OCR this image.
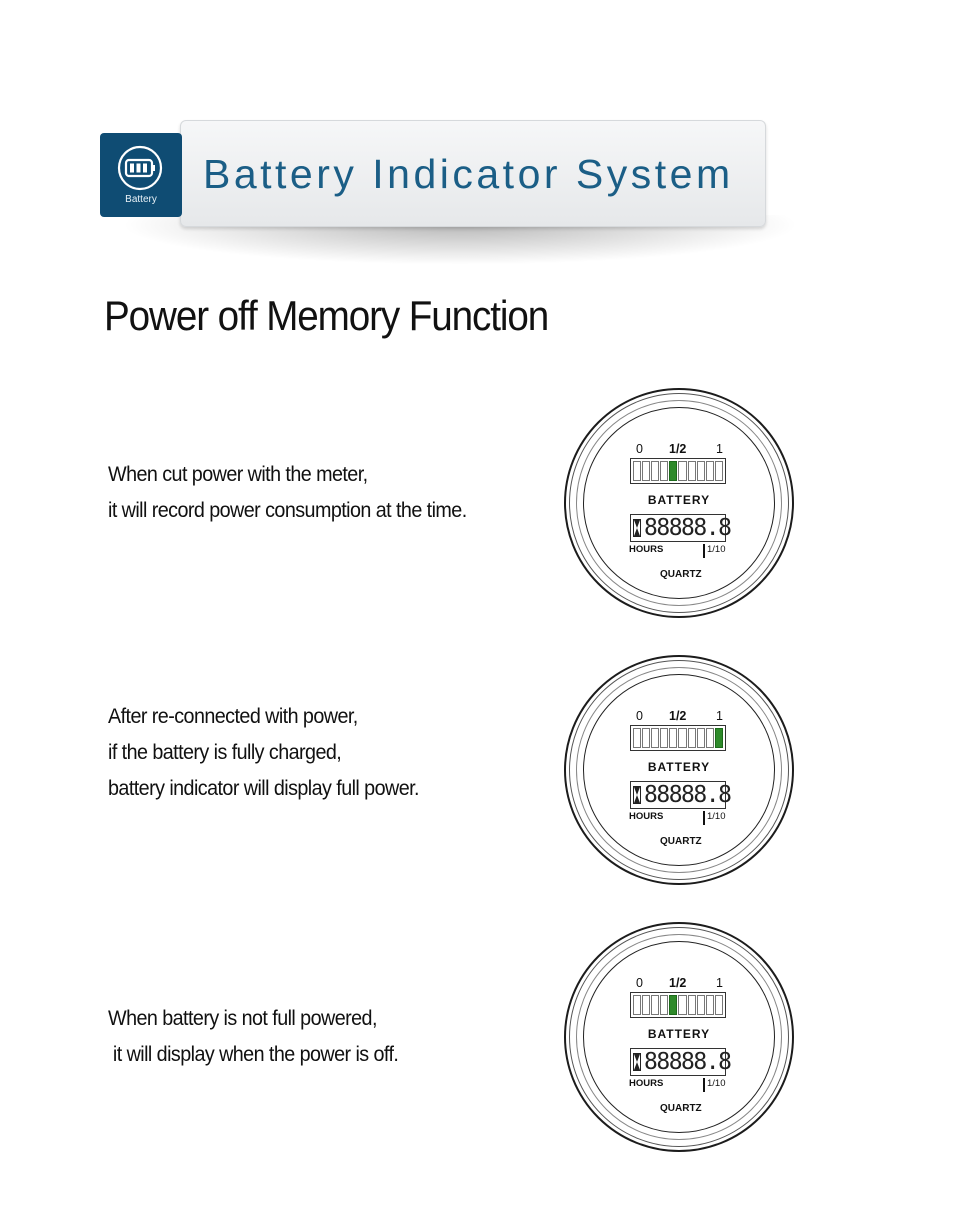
Battery Indicator System
Battery
Power off Memory Function
When cut power with the meter,
it will record power consumption at the time.
0 1/2 1
BATTERY
88888.8
HOURS	1/10
QUARTZ
After re-connected with power,
if the battery is fully charged,
battery indicator will display full power.
0 1/2 1
BATTERY
88888.8
HOURS	1/10
QUARTZ
When battery is not full powered,
it will display when the power is off.
0 1/2 1
BATTERY
88888.8
HOURS	1/10
QUARTZ
